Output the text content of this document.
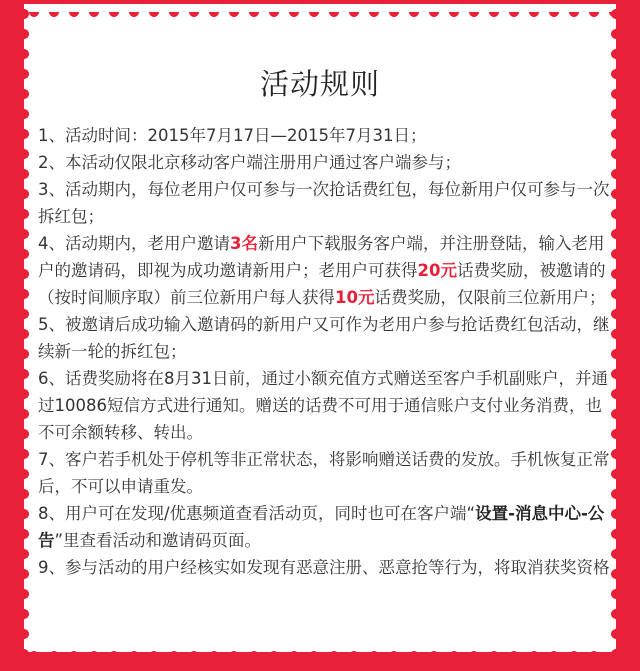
活动规则
1、活动时间：2015年7月17日—2015年7月31日；
2、本活动仅限北京移动客户端注册用户通过客户端参与；
3、活动期内，每位老用户仅可参与一次抢话费红包，每位新用户仅可参与一次拆红包；
4、活动期内，老用户邀请3名新用户下载服务客户端，并注册登陆，输入老用户的邀请码，即视为成功邀请新用户；老用户可获得20元话费奖励，被邀请的（按时间顺序取）前三位新用户每人获得10元话费奖励，仅限前三位新用户；
5、被邀请后成功输入邀请码的新用户又可作为老用户参与抢话费红包活动，继续新一轮的拆红包；
6、话费奖励将在8月31日前，通过小额充值方式赠送至客户手机副账户，并通过10086短信方式进行通知。赠送的话费不可用于通信账户支付业务消费，也不可余额转移、转出。
7、客户若手机处于停机等非正常状态，将影响赠送话费的发放。手机恢复正常后，不可以申请重发。
8、用户可在发现/优惠频道查看活动页，同时也可在客户端“设置-消息中心-公告”里查看活动和邀请码页面。
9、参与活动的用户经核实如发现有恶意注册、恶意抢等行为，将取消获奖资格
